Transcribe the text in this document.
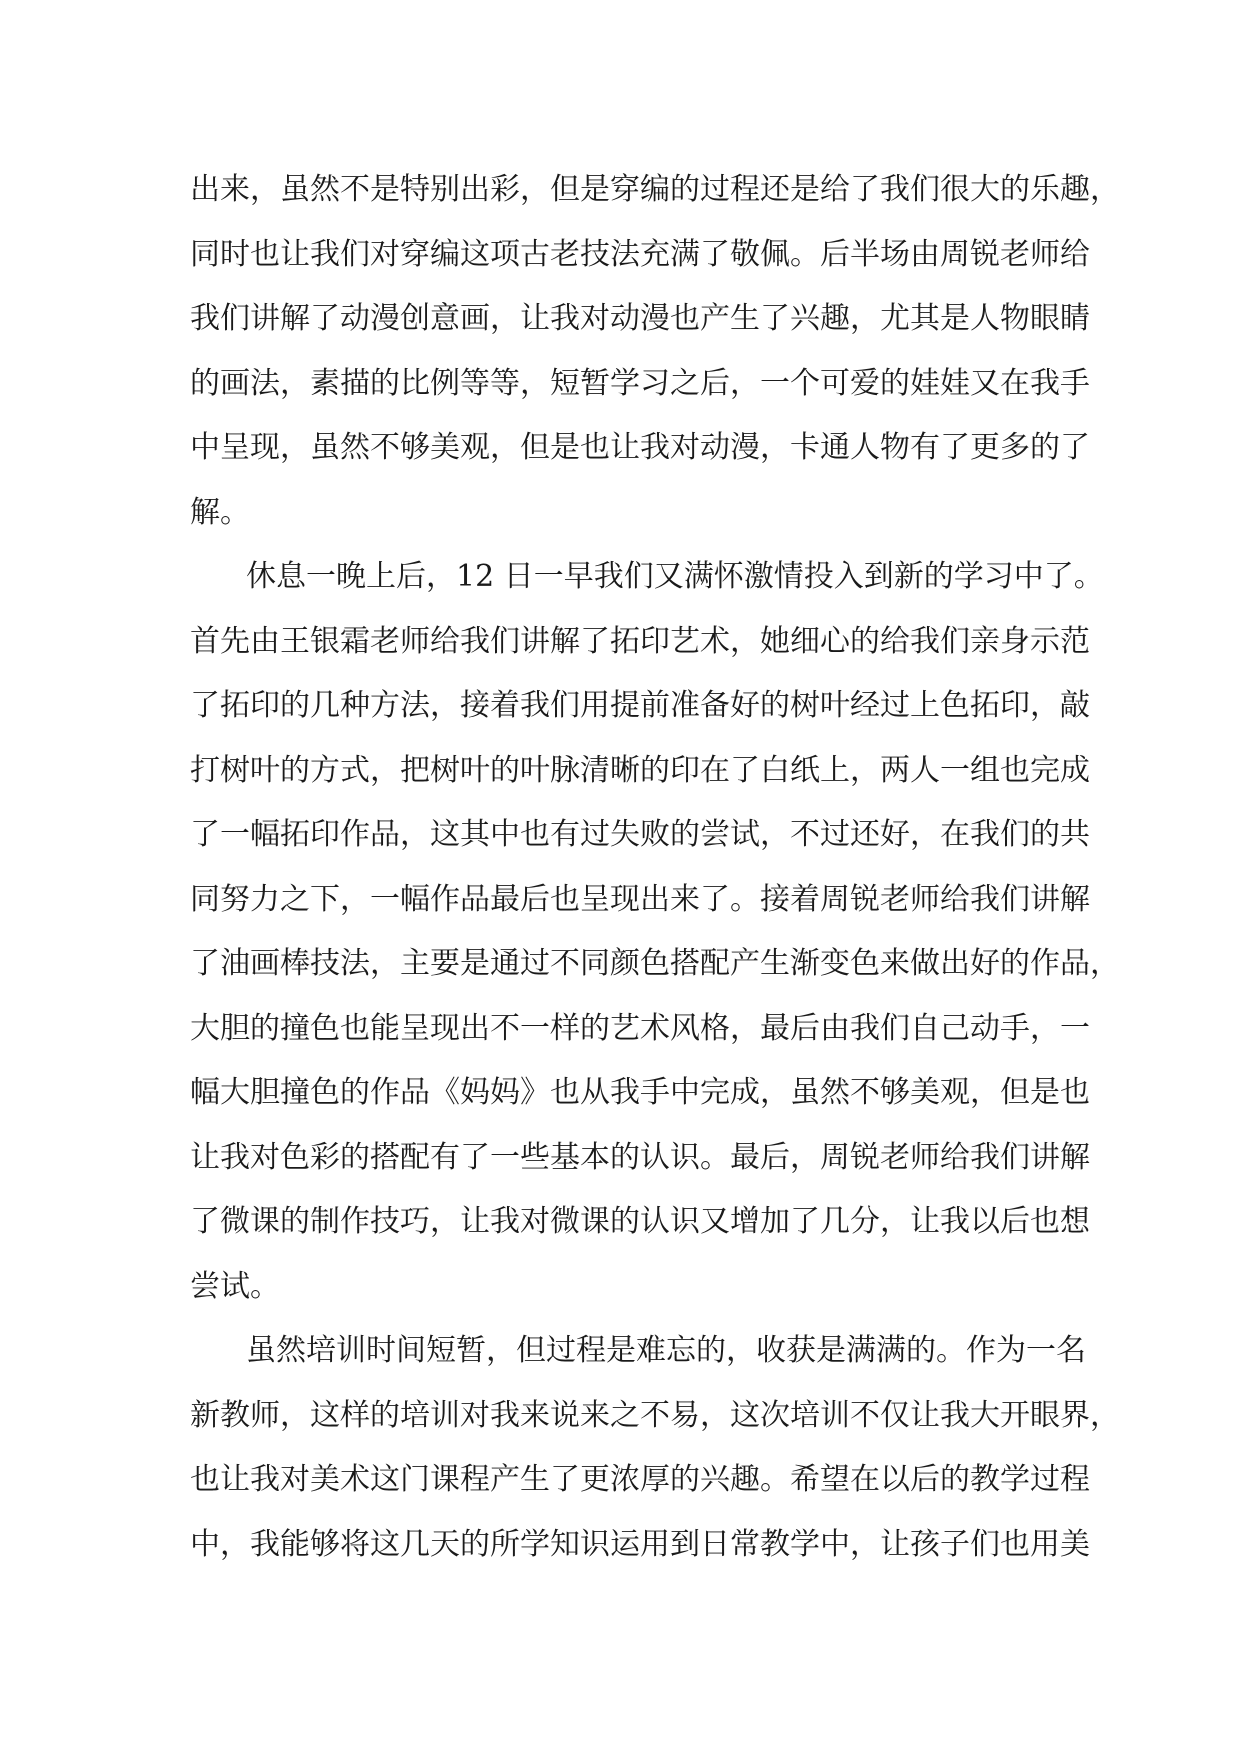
出来，虽然不是特别出彩，但是穿编的过程还是给了我们很大的乐趣，
同时也让我们对穿编这项古老技法充满了敬佩。后半场由周锐老师给
我们讲解了动漫创意画，让我对动漫也产生了兴趣，尤其是人物眼睛
的画法，素描的比例等等，短暂学习之后，一个可爱的娃娃又在我手
中呈现，虽然不够美观，但是也让我对动漫，卡通人物有了更多的了
解。
休息一晚上后，12 日一早我们又满怀激情投入到新的学习中了。
首先由王银霜老师给我们讲解了拓印艺术，她细心的给我们亲身示范
了拓印的几种方法，接着我们用提前准备好的树叶经过上色拓印，敲
打树叶的方式，把树叶的叶脉清晰的印在了白纸上，两人一组也完成
了一幅拓印作品，这其中也有过失败的尝试，不过还好，在我们的共
同努力之下，一幅作品最后也呈现出来了。接着周锐老师给我们讲解
了油画棒技法，主要是通过不同颜色搭配产生渐变色来做出好的作品，
大胆的撞色也能呈现出不一样的艺术风格，最后由我们自己动手，一
幅大胆撞色的作品《妈妈》也从我手中完成，虽然不够美观，但是也
让我对色彩的搭配有了一些基本的认识。最后，周锐老师给我们讲解
了微课的制作技巧，让我对微课的认识又增加了几分，让我以后也想
尝试。
虽然培训时间短暂，但过程是难忘的，收获是满满的。作为一名
新教师，这样的培训对我来说来之不易，这次培训不仅让我大开眼界，
也让我对美术这门课程产生了更浓厚的兴趣。希望在以后的教学过程
中，我能够将这几天的所学知识运用到日常教学中，让孩子们也用美
